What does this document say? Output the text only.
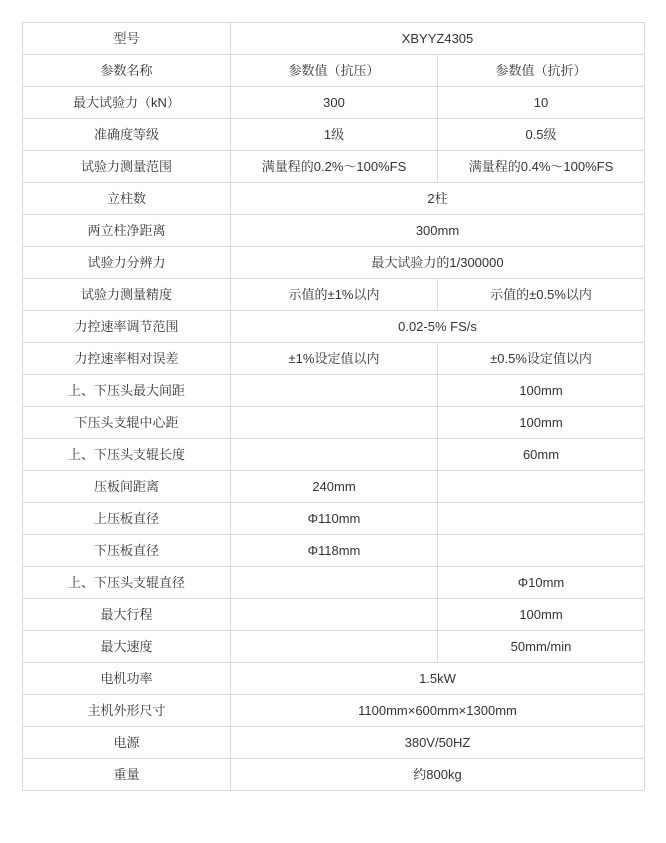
型号	XBYYZ4305	
参数名称	参数值（抗压）	参数值（抗折）
最大试验力（kN）	300	10
准确度等级	1级	0.5级
试验力测量范围	满量程的0.2%～100%FS	满量程的0.4%～100%FS
立柱数	2柱	
两立柱净距离	300mm	
试验力分辨力	最大试验力的1/300000	
试验力测量精度	示值的±1%以内	示值的±0.5%以内
力控速率调节范围	0.02-5% FS/s	
力控速率相对误差	±1%设定值以内	±0.5%设定值以内
上、下压头最大间距		100mm
下压头支辊中心距		100mm
上、下压头支辊长度		60mm
压板间距离	240mm	
上压板直径	Φ110mm	
下压板直径	Φ118mm	
上、下压头支辊直径		Φ10mm
最大行程		100mm
最大速度		50mm/min
电机功率	1.5kW	
主机外形尺寸	1100mm×600mm×1300mm	
电源	380V/50HZ	
重量	约800kg	
